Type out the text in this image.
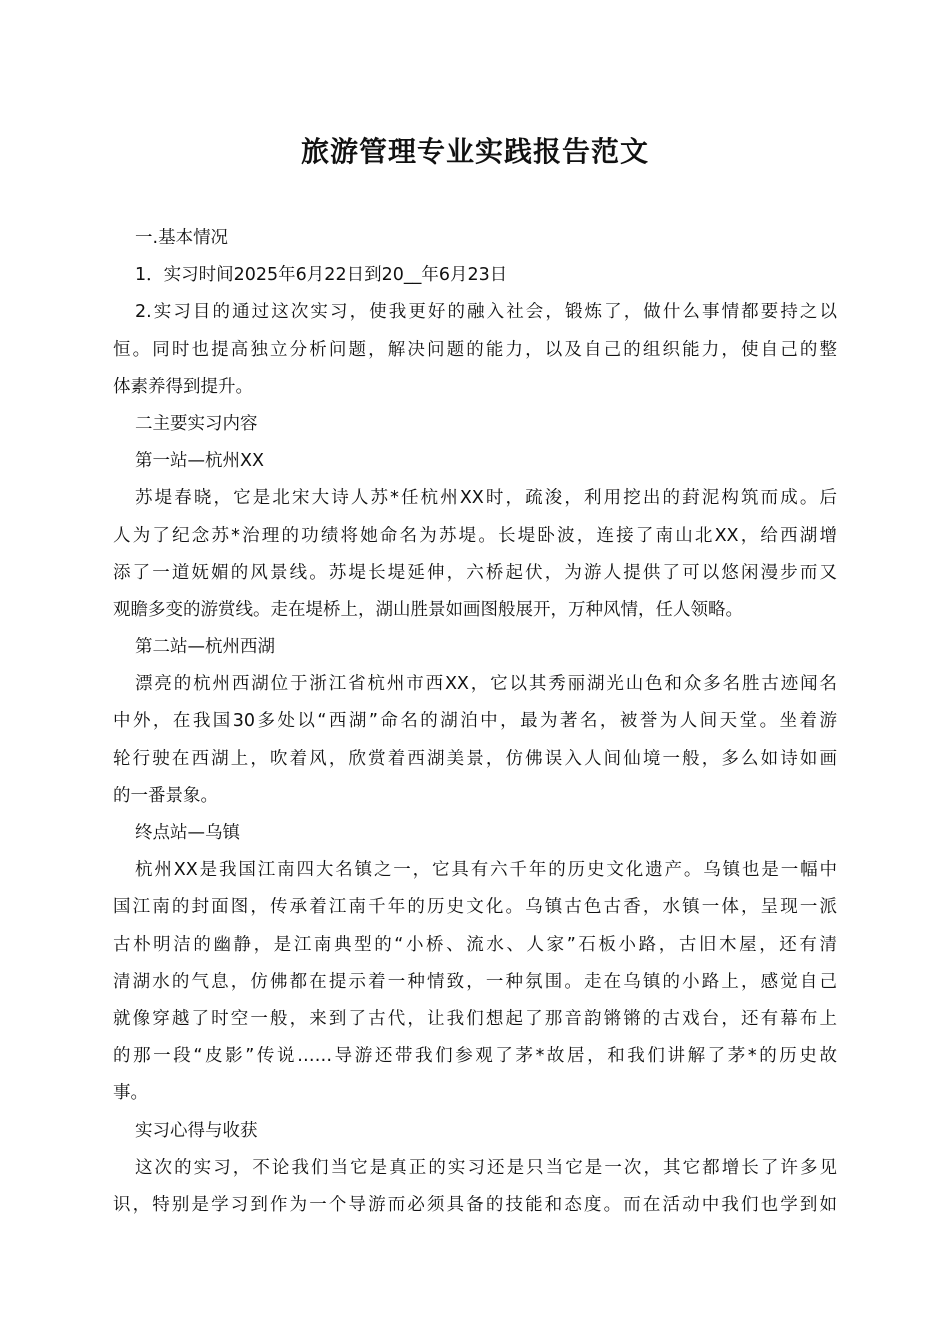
旅游管理专业实践报告范文
一.基本情况
1．实习时间2025年6月22日到20__年6月23日
2.实习目的通过这次实习，使我更好的融入社会，锻炼了，做什么事情都要持之以
恒。同时也提高独立分析问题，解决问题的能力，以及自己的组织能力，使自己的整
体素养得到提升。
二主要实习内容
第一站—杭州XX
苏堤春晓，它是北宋大诗人苏*任杭州XX时，疏浚，利用挖出的葑泥构筑而成。后
人为了纪念苏*治理的功绩将她命名为苏堤。长堤卧波，连接了南山北XX，给西湖增
添了一道妩媚的风景线。苏堤长堤延伸，六桥起伏，为游人提供了可以悠闲漫步而又
观瞻多变的游赏线。走在堤桥上，湖山胜景如画图般展开，万种风情，任人领略。
第二站—杭州西湖
漂亮的杭州西湖位于浙江省杭州市西XX，它以其秀丽湖光山色和众多名胜古迹闻名
中外，在我国30多处以“西湖”命名的湖泊中，最为著名，被誉为人间天堂。坐着游
轮行驶在西湖上，吹着风，欣赏着西湖美景，仿佛误入人间仙境一般，多么如诗如画
的一番景象。
终点站—乌镇
杭州XX是我国江南四大名镇之一，它具有六千年的历史文化遗产。乌镇也是一幅中
国江南的封面图，传承着江南千年的历史文化。乌镇古色古香，水镇一体，呈现一派
古朴明洁的幽静，是江南典型的“小桥、流水、人家”石板小路，古旧木屋，还有清
清湖水的气息，仿佛都在提示着一种情致，一种氛围。走在乌镇的小路上，感觉自己
就像穿越了时空一般，来到了古代，让我们想起了那音韵锵锵的古戏台，还有幕布上
的那一段“皮影”传说……导游还带我们参观了茅*故居，和我们讲解了茅*的历史故
事。
实习心得与收获
这次的实习，不论我们当它是真正的实习还是只当它是一次，其它都增长了许多见
识，特别是学习到作为一个导游而必须具备的技能和态度。而在活动中我们也学到如
